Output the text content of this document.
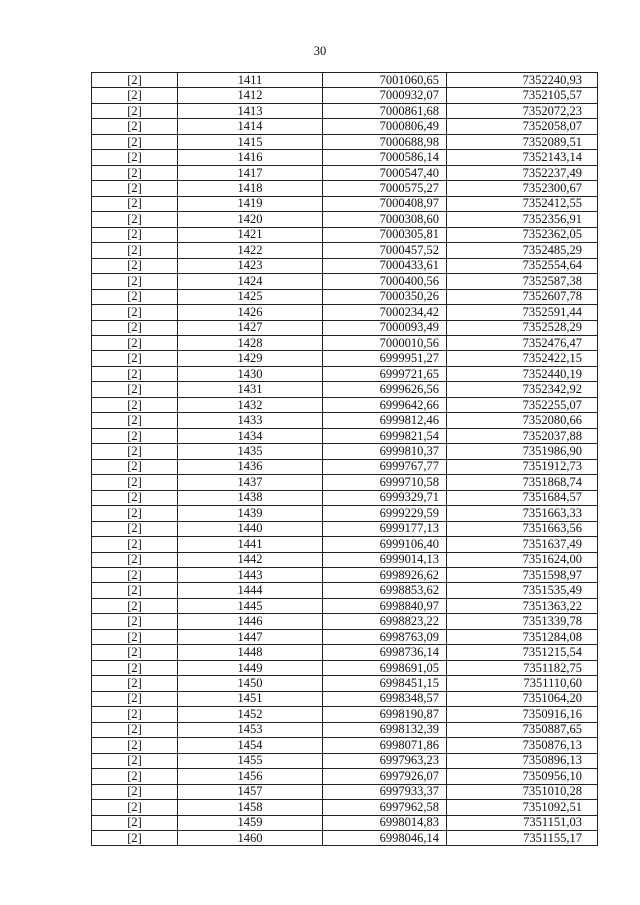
30
[2]	1411	7001060,65	7352240,93
[2]	1412	7000932,07	7352105,57
[2]	1413	7000861,68	7352072,23
[2]	1414	7000806,49	7352058,07
[2]	1415	7000688,98	7352089,51
[2]	1416	7000586,14	7352143,14
[2]	1417	7000547,40	7352237,49
[2]	1418	7000575,27	7352300,67
[2]	1419	7000408,97	7352412,55
[2]	1420	7000308,60	7352356,91
[2]	1421	7000305,81	7352362,05
[2]	1422	7000457,52	7352485,29
[2]	1423	7000433,61	7352554,64
[2]	1424	7000400,56	7352587,38
[2]	1425	7000350,26	7352607,78
[2]	1426	7000234,42	7352591,44
[2]	1427	7000093,49	7352528,29
[2]	1428	7000010,56	7352476,47
[2]	1429	6999951,27	7352422,15
[2]	1430	6999721,65	7352440,19
[2]	1431	6999626,56	7352342,92
[2]	1432	6999642,66	7352255,07
[2]	1433	6999812,46	7352080,66
[2]	1434	6999821,54	7352037,88
[2]	1435	6999810,37	7351986,90
[2]	1436	6999767,77	7351912,73
[2]	1437	6999710,58	7351868,74
[2]	1438	6999329,71	7351684,57
[2]	1439	6999229,59	7351663,33
[2]	1440	6999177,13	7351663,56
[2]	1441	6999106,40	7351637,49
[2]	1442	6999014,13	7351624,00
[2]	1443	6998926,62	7351598,97
[2]	1444	6998853,62	7351535,49
[2]	1445	6998840,97	7351363,22
[2]	1446	6998823,22	7351339,78
[2]	1447	6998763,09	7351284,08
[2]	1448	6998736,14	7351215,54
[2]	1449	6998691,05	7351182,75
[2]	1450	6998451,15	7351110,60
[2]	1451	6998348,57	7351064,20
[2]	1452	6998190,87	7350916,16
[2]	1453	6998132,39	7350887,65
[2]	1454	6998071,86	7350876,13
[2]	1455	6997963,23	7350896,13
[2]	1456	6997926,07	7350956,10
[2]	1457	6997933,37	7351010,28
[2]	1458	6997962,58	7351092,51
[2]	1459	6998014,83	7351151,03
[2]	1460	6998046,14	7351155,17
